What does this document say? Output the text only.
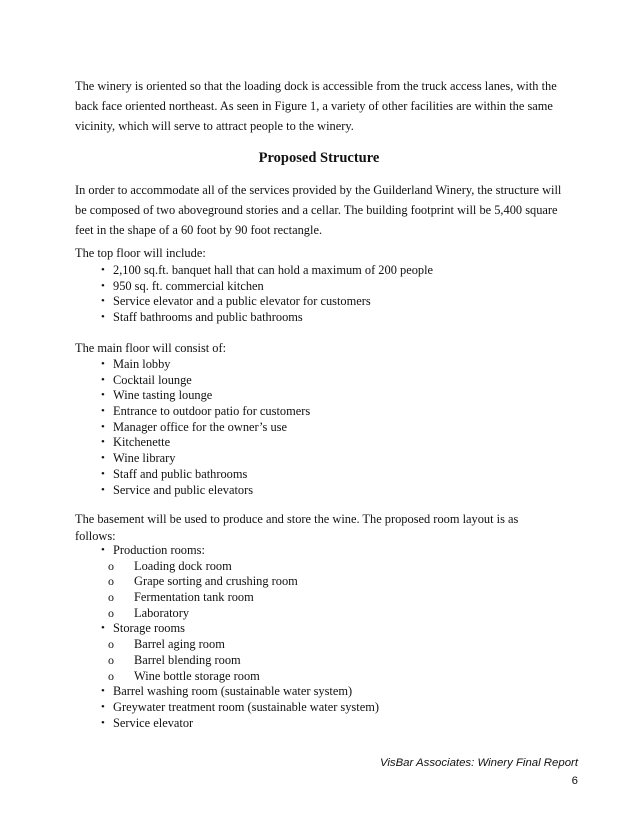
The winery is oriented so that the loading dock is accessible from the truck access lanes, with the back face oriented northeast. As seen in Figure 1, a variety of other facilities are within the same vicinity, which will serve to attract people to the winery.

Proposed Structure

In order to accommodate all of the services provided by the Guilderland Winery, the structure will be composed of two aboveground stories and a cellar. The building footprint will be 5,400 square feet in the shape of a 60 foot by 90 foot rectangle.

The top floor will include:

• 2,100 sq.ft. banquet hall that can hold a maximum of 200 people
• 950 sq. ft. commercial kitchen
• Service elevator and a public elevator for customers
• Staff bathrooms and public bathrooms

The main floor will consist of:

• Main lobby
• Cocktail lounge
• Wine tasting lounge
• Entrance to outdoor patio for customers
• Manager office for the owner’s use
• Kitchenette
• Wine library
• Staff and public bathrooms
• Service and public elevators

The basement will be used to produce and store the wine. The proposed room layout is as follows:

• Production rooms:
o Loading dock room
o Grape sorting and crushing room
o Fermentation tank room
o Laboratory
• Storage rooms
o Barrel aging room
o Barrel blending room
o Wine bottle storage room
• Barrel washing room (sustainable water system)
• Greywater treatment room (sustainable water system)
• Service elevator

VisBar Associates: Winery Final Report

6
